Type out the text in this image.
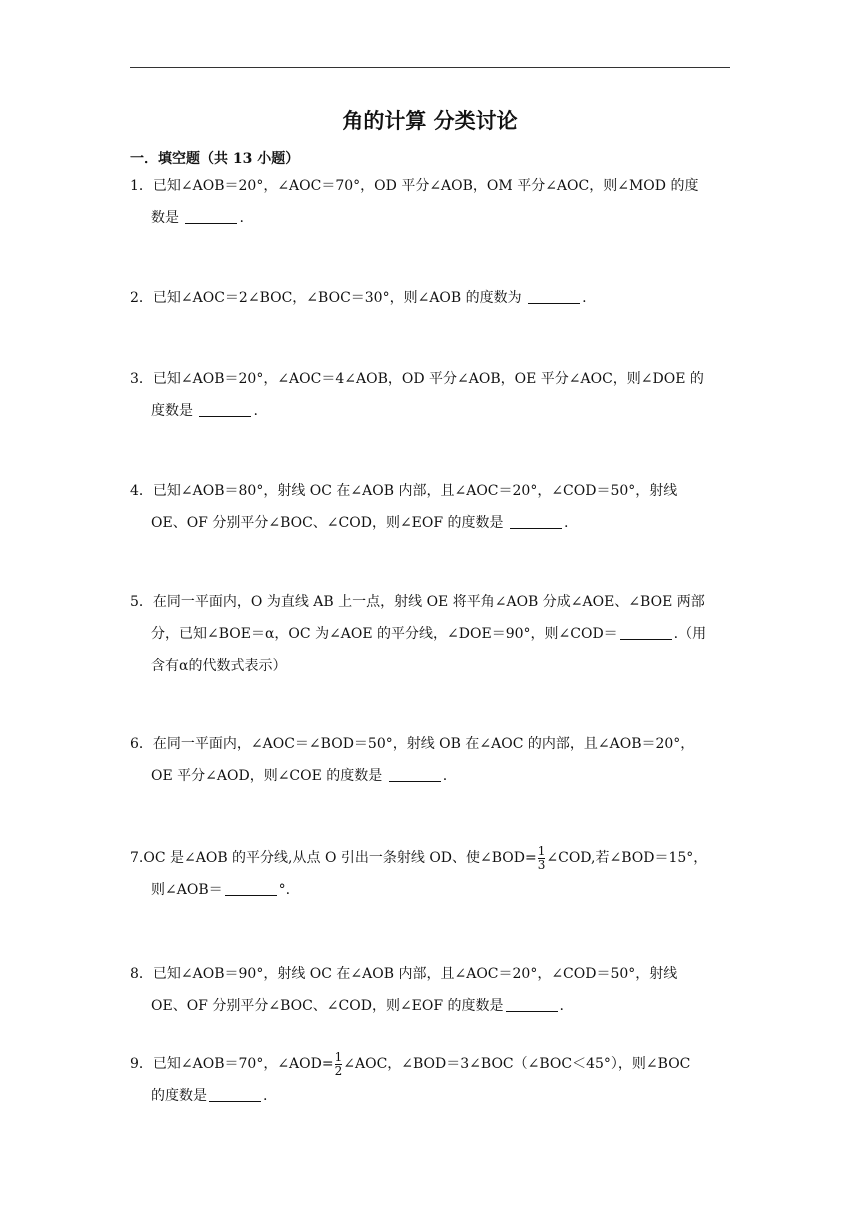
角的计算 分类讨论
一．填空题（共 13 小题）
1．已知∠AOB＝20°，∠AOC＝70°，OD 平分∠AOB，OM 平分∠AOC，则∠MOD 的度
数是	.
2．已知∠AOC＝2∠BOC，∠BOC＝30°，则∠AOB 的度数为	.
3．已知∠AOB＝20°，∠AOC＝4∠AOB，OD 平分∠AOB，OE 平分∠AOC，则∠DOE 的
度数是	.
4．已知∠AOB＝80°，射线 OC 在∠AOB 内部，且∠AOC＝20°，∠COD＝50°，射线
OE、OF 分别平分∠BOC、∠COD，则∠EOF 的度数是	.
5．在同一平面内，O 为直线 AB 上一点，射线 OE 将平角∠AOB 分成∠AOE、∠BOE 两部
分，已知∠BOE＝α，OC 为∠AOE 的平分线，∠DOE＝90°，则∠COD＝	.（用
含有α的代数式表示）
6．在同一平面内，∠AOC＝∠BOD＝50°，射线 OB 在∠AOC 的内部，且∠AOB＝20°，
OE 平分∠AOD，则∠COE 的度数是	.
7.OC 是∠AOB 的平分线,从点 O 引出一条射线 OD、使∠BOD= $\frac{1}{3}$ ∠COD,若∠BOD＝15°，
则∠AOB＝	°.
8．已知∠AOB＝90°，射线 OC 在∠AOB 内部，且∠AOC＝20°，∠COD＝50°，射线
OE、OF 分别平分∠BOC、∠COD，则∠EOF 的度数是	.
9．已知∠AOB＝70°，∠AOD= $\frac{1}{2}$ ∠AOC，∠BOD＝3∠BOC（∠BOC＜45°），则∠BOC
的度数是	.
